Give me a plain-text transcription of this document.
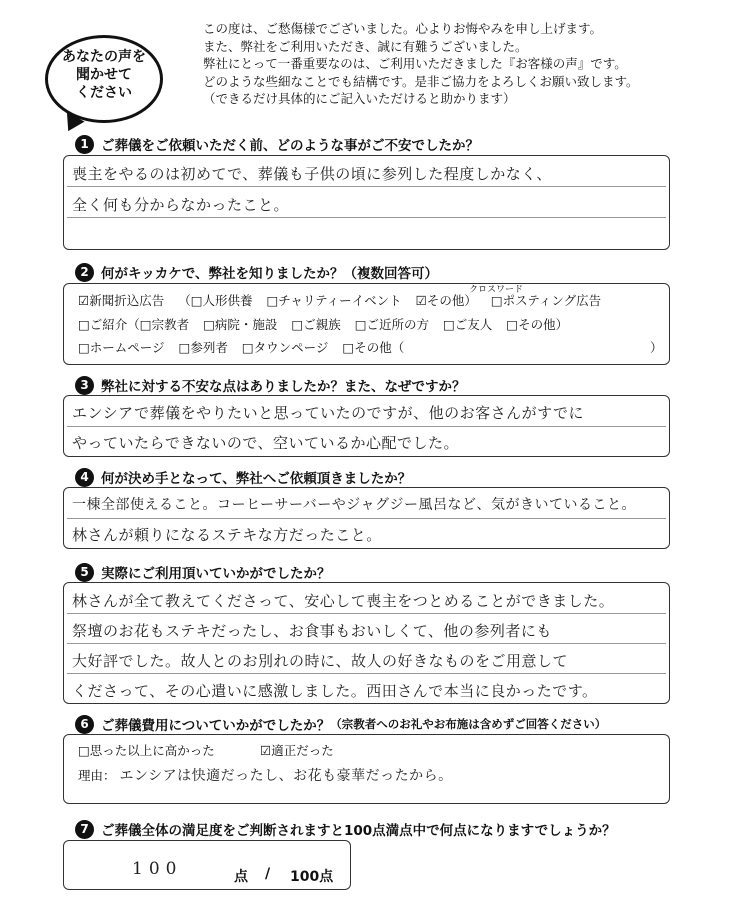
あなたの声を
聞かせて
ください
この度は、ご愁傷様でございました。心よりお悔やみを申し上げます。
また、弊社をご利用いただき、誠に有難うございました。
弊社にとって一番重要なのは、ご利用いただきました『お客様の声』です。
どのような些細なことでも結構です。是非ご協力をよろしくお願い致します。
（できるだけ具体的にご記入いただけると助かります）
1 ご葬儀をご依頼いただく前、どのような事がご不安でしたか？
喪主をやるのは初めてで、葬儀も子供の頃に参列した程度しかなく、
全く何も分からなかったこと。
2 何がキッカケで、弊社を知りましたか？（複数回答可）
クロスワード
☑新聞折込広告 （□人形供養 □チャリティーイベント ☑その他） □ポスティング広告
□ご紹介（□宗教者 □病院・施設 □ご親族 □ご近所の方 □ご友人 □その他）
□ホームページ □参列者 □タウンページ □その他（	）
3 弊社に対する不安な点はありましたか？また、なぜですか？
エンシアで葬儀をやりたいと思っていたのですが、他のお客さんがすでに
やっていたらできないので、空いているか心配でした。
4 何が決め手となって、弊社へご依頼頂きましたか？
一棟全部使えること。コーヒーサーバーやジャグジー風呂など、気がきいていること。
林さんが頼りになるステキな方だったこと。
5 実際にご利用頂いていかがでしたか？
林さんが全て教えてくださって、安心して喪主をつとめることができました。
祭壇のお花もステキだったし、お食事もおいしくて、他の参列者にも
大好評でした。故人とのお別れの時に、故人の好きなものをご用意して
くださって、その心遣いに感激しました。西田さんで本当に良かったです。
6 ご葬儀費用についていかがでしたか？ （宗教者へのお礼やお布施は含めずご回答ください）
□思った以上に高かった	☑適正だった
理由： エンシアは快適だったし、お花も豪華だったから。
7 ご葬儀全体の満足度をご判断されますと100点満点中で何点になりますでしょうか？
100	点 / 100点
